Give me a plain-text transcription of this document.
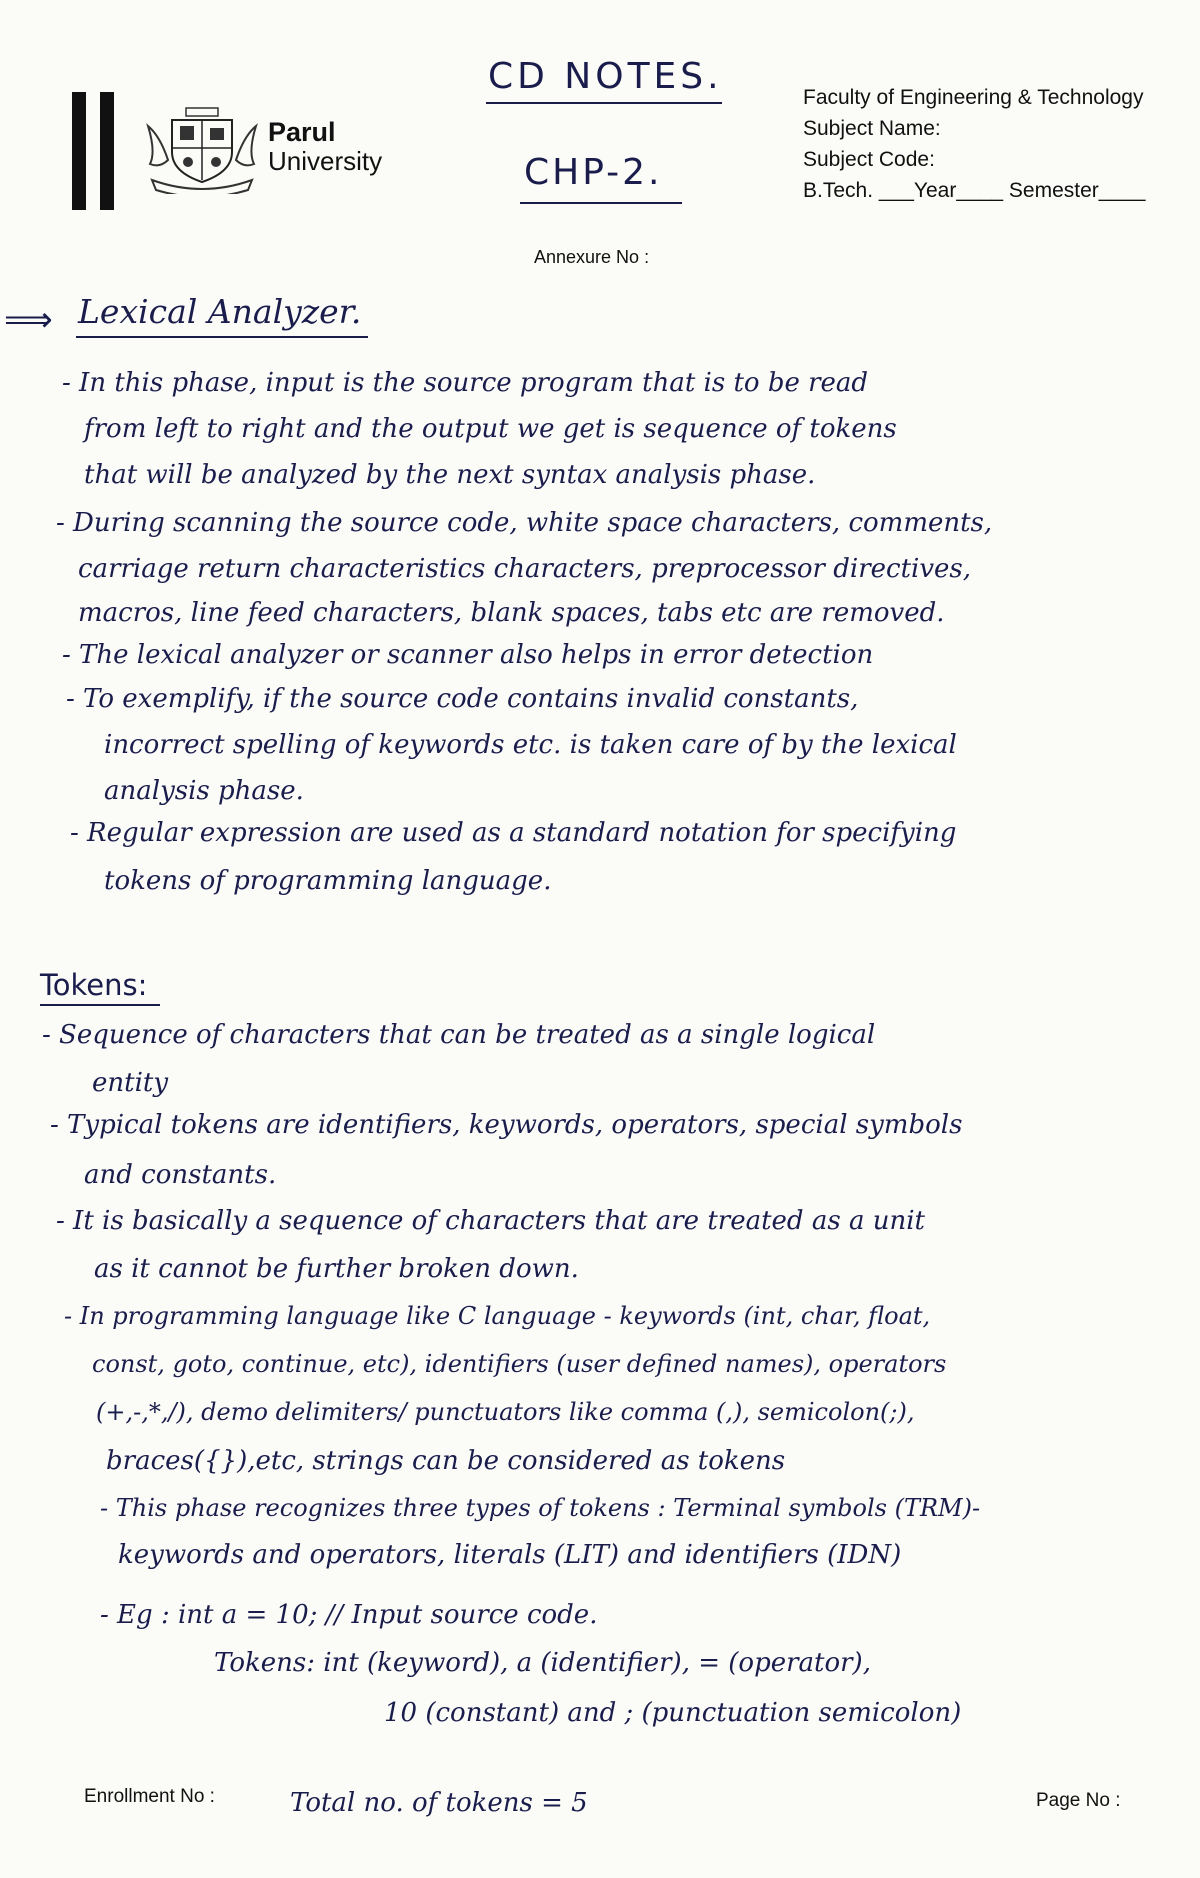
Parul
University
Faculty of Engineering & Technology
Subject Name:
Subject Code:
B.Tech. ___Year____ Semester____
Annexure No :
CD NOTES.
CHP-2.
⟹ Lexical Analyzer.
- In this phase, input is the source program that is to be read
from left to right and the output we get is sequence of tokens
that will be analyzed by the next syntax analysis phase.
- During scanning the source code, white space characters, comments,
carriage return characteristics characters, preprocessor directives,
macros, line feed characters, blank spaces, tabs etc are removed.
- The lexical analyzer or scanner also helps in error detection
- To exemplify, if the source code contains invalid constants,
incorrect spelling of keywords etc. is taken care of by the lexical
analysis phase.
- Regular expression are used as a standard notation for specifying
tokens of programming language.
Tokens:
- Sequence of characters that can be treated as a single logical
entity
- Typical tokens are identifiers, keywords, operators, special symbols
and constants.
- It is basically a sequence of characters that are treated as a unit
as it cannot be further broken down.
- In programming language like C language - keywords (int, char, float,
const, goto, continue, etc), identifiers (user defined names), operators
(+,-,*,/), demo delimiters/ punctuators like comma (,), semicolon(;),
braces({}),etc, strings can be considered as tokens
- This phase recognizes three types of tokens : Terminal symbols (TRM)-
keywords and operators, literals (LIT) and identifiers (IDN)
- Eg : int a = 10; // Input source code.
Tokens: int (keyword), a (identifier), = (operator),
10 (constant) and ; (punctuation semicolon)
Total no. of tokens = 5
Enrollment No :	Page No :
